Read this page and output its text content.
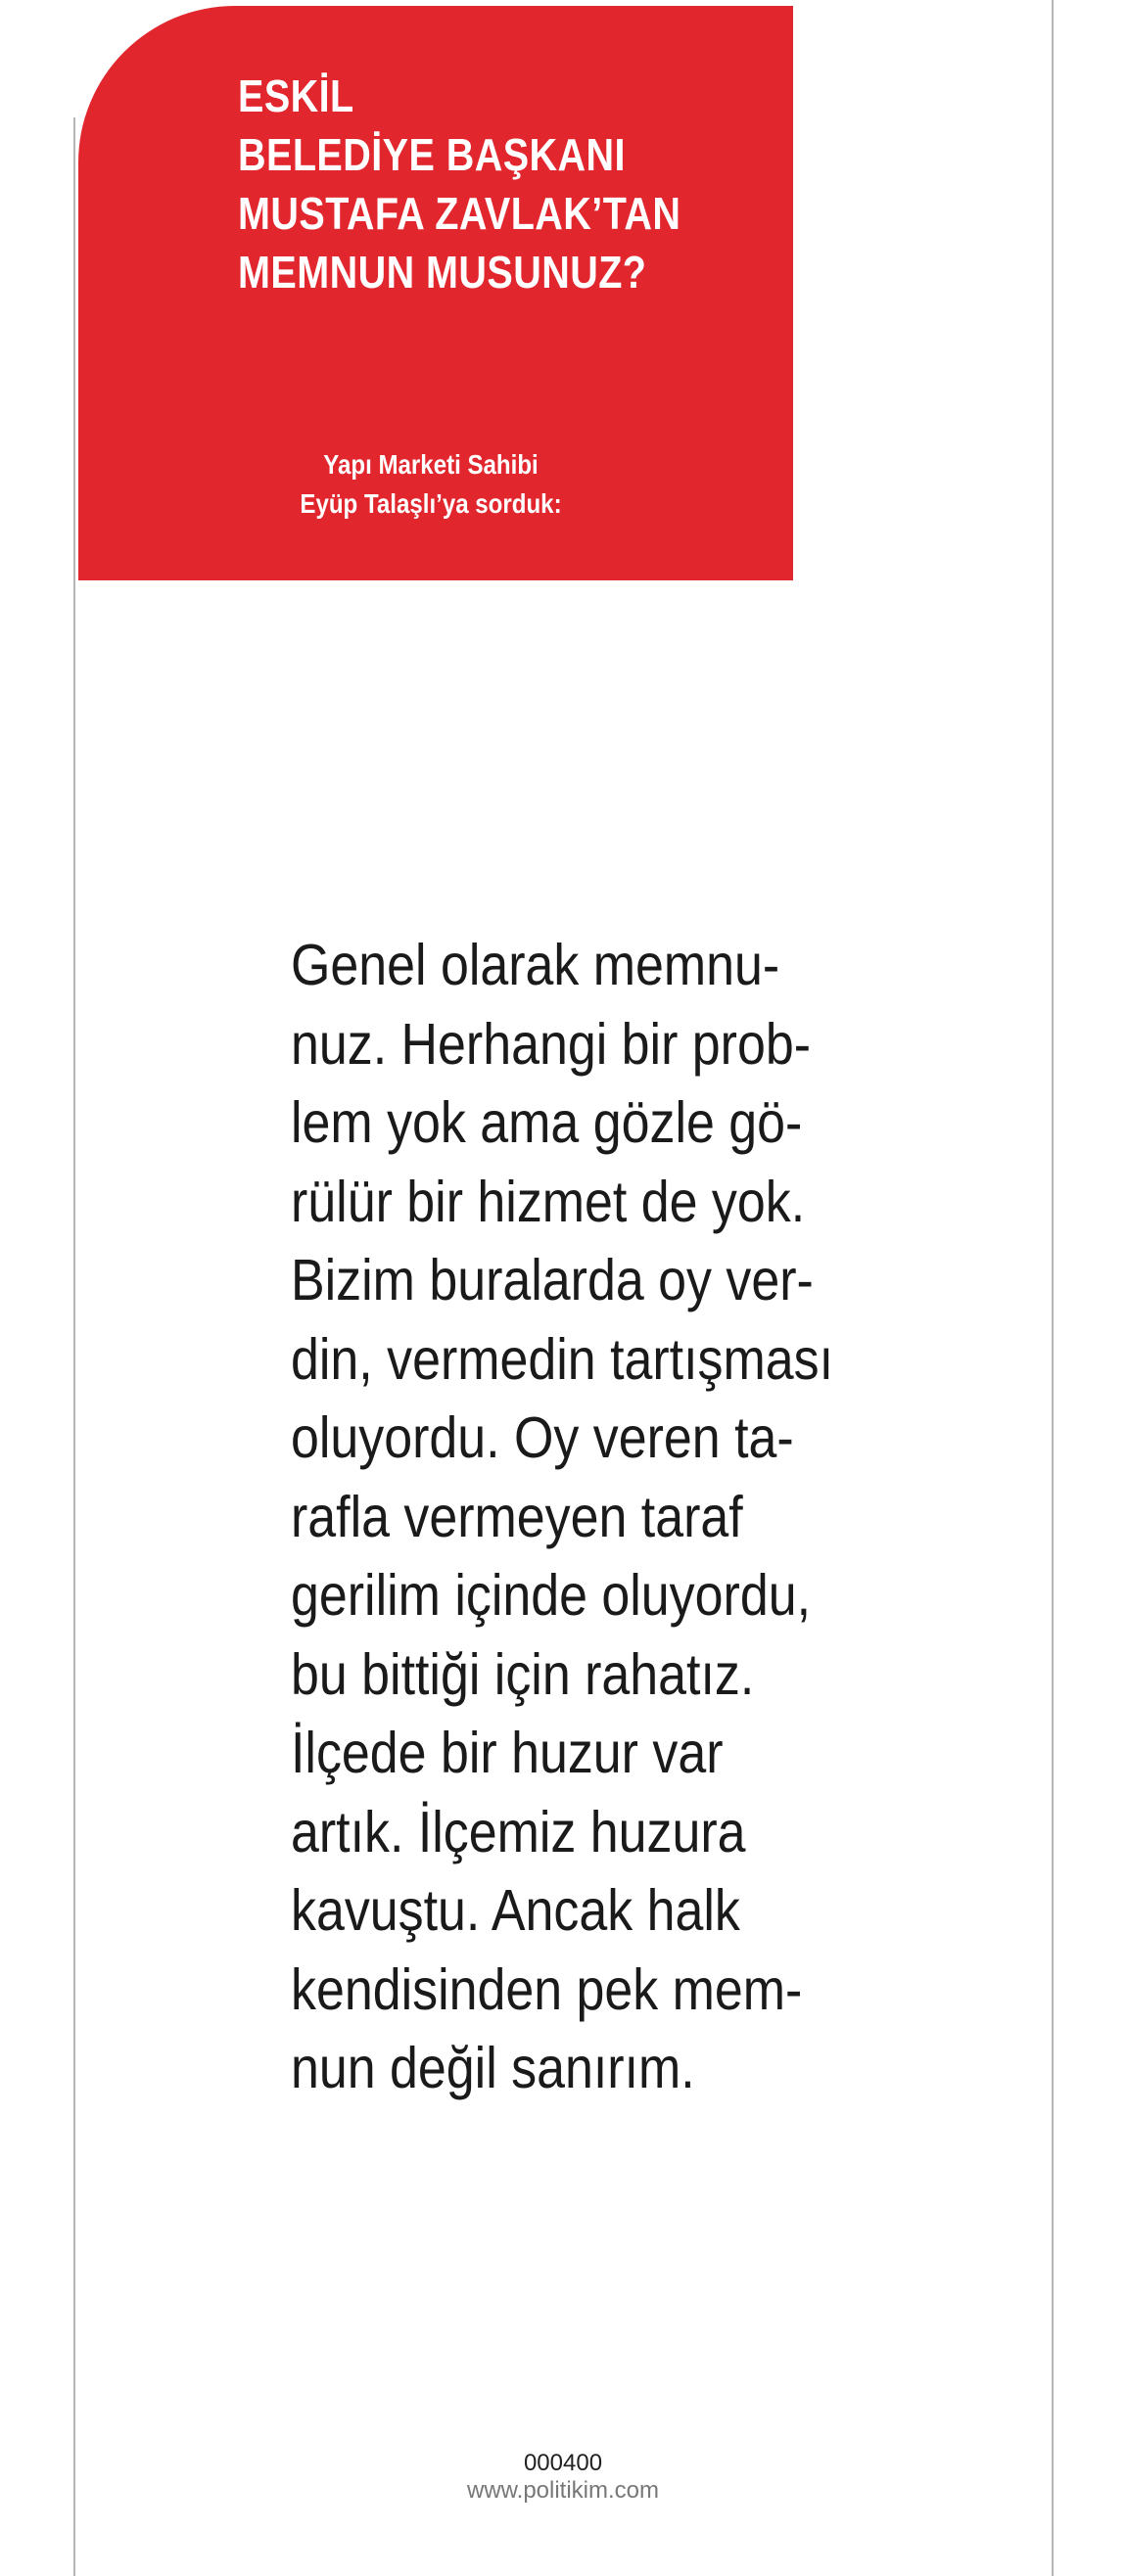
ESKİL
BELEDİYE BAŞKANI
MUSTAFA ZAVLAK’TAN
MEMNUN MUSUNUZ?
Yapı Marketi Sahibi
Eyüp Talaşlı’ya sorduk:
Genel olarak memnu-
nuz. Herhangi bir prob-
lem yok ama gözle gö-
rülür bir hizmet de yok.
Bizim buralarda oy ver-
din, vermedin tartışması
oluyordu. Oy veren ta-
rafla vermeyen taraf
gerilim içinde oluyordu,
bu bittiği için rahatız.
İlçede bir huzur var
artık. İlçemiz huzura
kavuştu. Ancak halk
kendisinden pek mem-
nun değil sanırım.
000400
www.politikim.com
